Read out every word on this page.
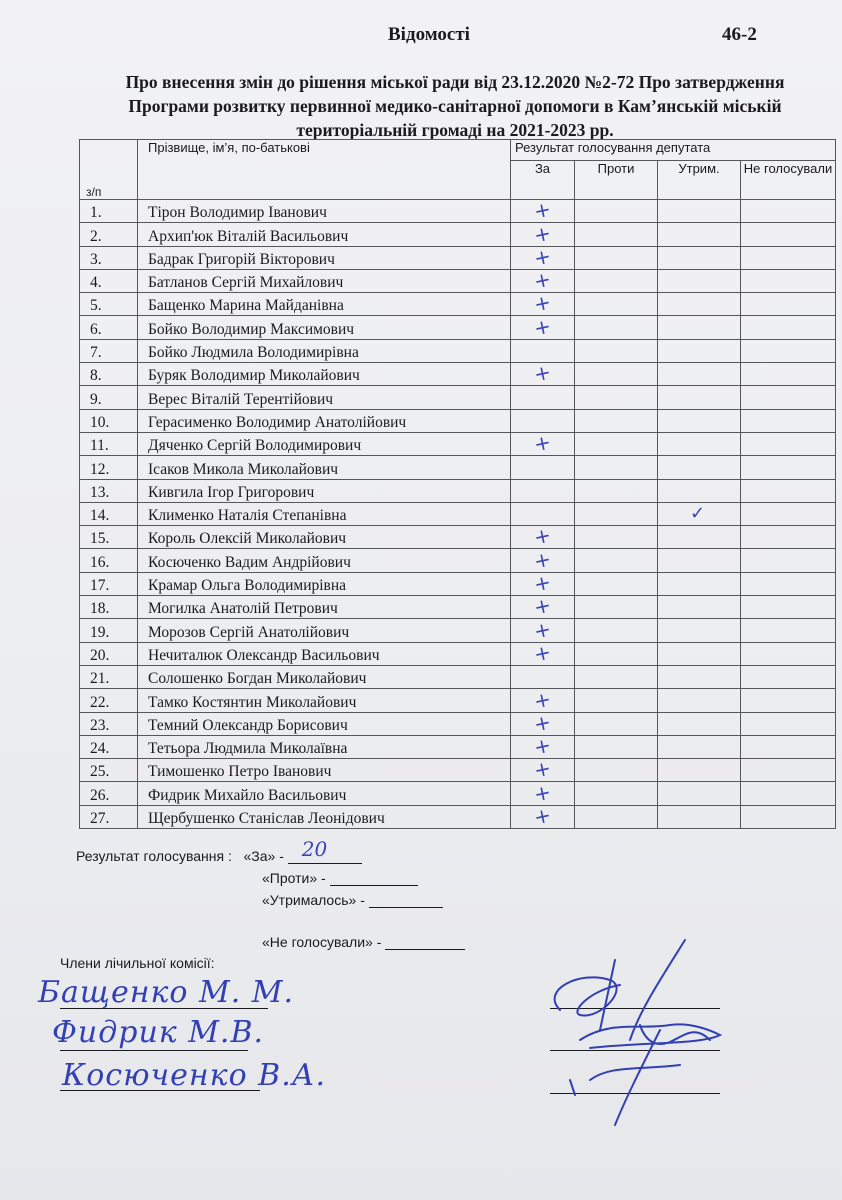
Відомості	46-2
Про внесення змін до рішення міської ради від 23.12.2020 №2-72 Про затвердження Програми розвитку первинної медико-санітарної допомоги в Кам’янській міській територіальній громаді на 2021-2023 рр.
з/п	Прізвище, ім’я, по-батькові	Результат голосування депутата			
		За	Проти	Утрим.	Не голосували
1.	Тірон Володимир Іванович	+		

2.	Архип'юк Віталій Васильович	+		

3.	Бадрак Григорій Вікторович	+		

4.	Батланов Сергій Михайлович	+		

5.	Бащенко Марина Майданівна	+		

6.	Бойко Володимир Максимович	+		

7.	Бойко Людмила Володимирівна			

8.	Буряк Володимир Миколайович	+		

9.	Верес Віталій Терентійович			

10.	Герасименко Володимир Анатолійович			

11.	Дяченко Сергій Володимирович	+		

12.	Ісаков Микола Миколайович			

13.	Кивгила Ігор Григорович			

14.	Клименко Наталія Степанівна			✓	

15.	Король Олексій Миколайович	+		

16.	Косюченко Вадим Андрійович	+		

17.	Крамар Ольга Володимирівна	+		

18.	Могилка Анатолій Петрович	+		

19.	Морозов Сергій Анатолійович	+		

20.	Нечиталюк Олександр Васильович	+		

21.	Солошенко Богдан Миколайович			

22.	Тамко Костянтин Миколайович	+		

23.	Темний Олександр Борисович	+		

24.	Тетьора Людмила Миколаївна	+		

25.	Тимошенко Петро Іванович	+		

26.	Фидрик Михайло Васильович	+		

27.	Щербушенко Станіслав Леонідович	+		

Результат голосування : «За» - 20
«Проти» -
«Утрималось» -
«Не голосували» -
Члени лічильної комісії:
Бащенко М. М.
Фидрик М.В.
Косюченко В.А.
